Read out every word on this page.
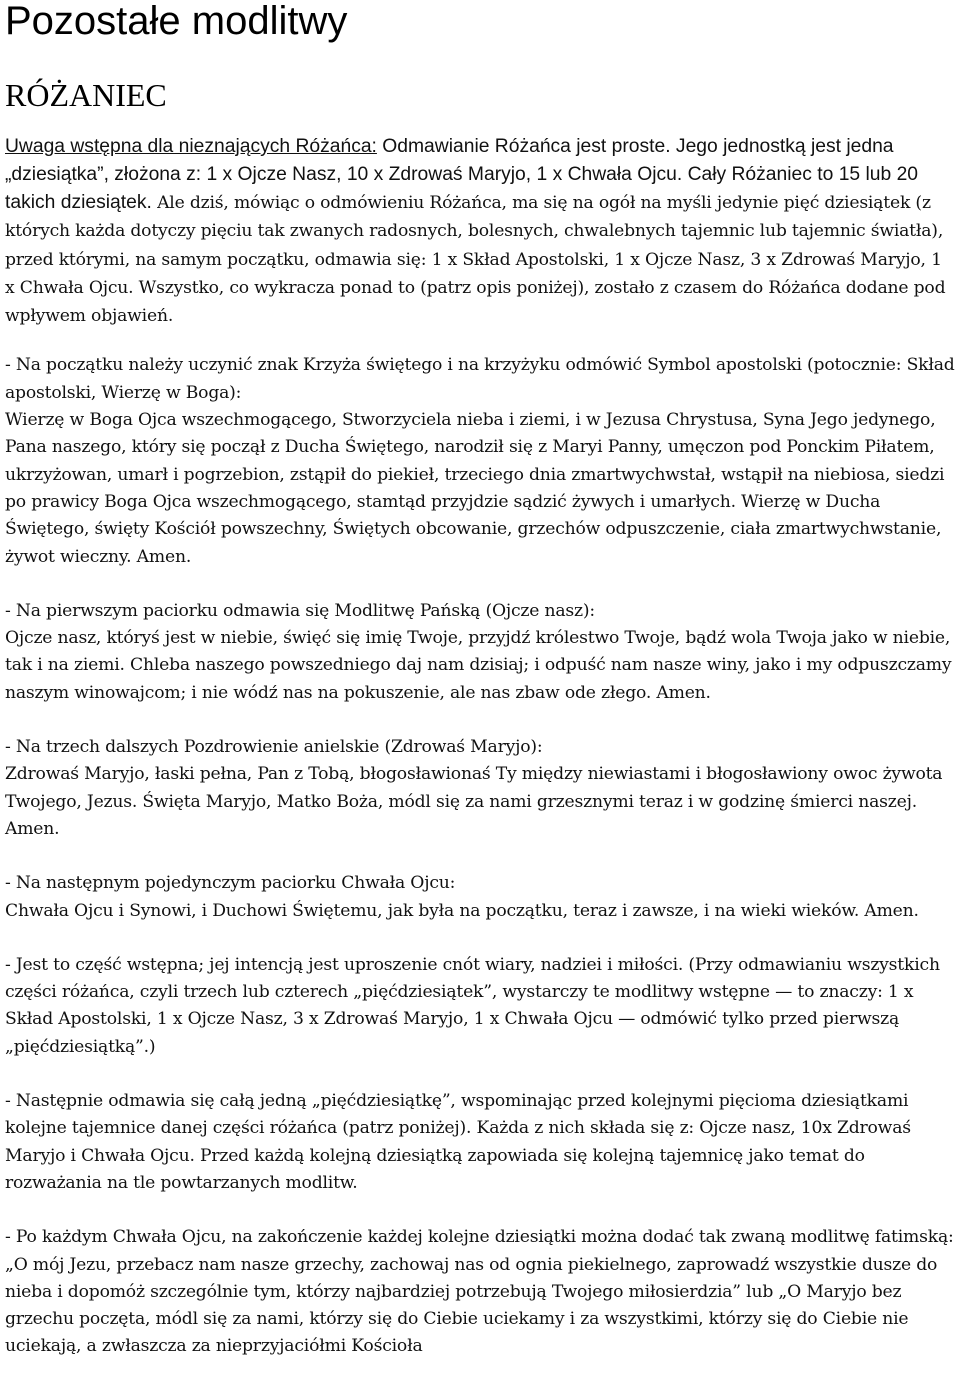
Pozostałe modlitwy
RÓŻANIEC
Uwaga wstępna dla nieznających Różańca: Odmawianie Różańca jest proste. Jego jednostką jest jedna „dziesiątka”, złożona z: 1 x Ojcze Nasz, 10 x Zdrowaś Maryjo, 1 x Chwała Ojcu. Cały Różaniec to 15 lub 20 takich dziesiątek. Ale dziś, mówiąc o odmówieniu Różańca, ma się na ogół na myśli jedynie pięć dziesiątek (z których każda dotyczy pięciu tak zwanych radosnych, bolesnych, chwalebnych tajemnic lub tajemnic światła), przed którymi, na samym początku, odmawia się: 1 x Skład Apostolski, 1 x Ojcze Nasz, 3 x Zdrowaś Maryjo, 1 x Chwała Ojcu. Wszystko, co wykracza ponad to (patrz opis poniżej), zostało z czasem do Różańca dodane pod wpływem objawień.

- Na początku należy uczynić znak Krzyża świętego i na krzyżyku odmówić Symbol apostolski (potocznie: Skład apostolski, Wierzę w Boga):
Wierzę w Boga Ojca wszechmogącego, Stworzyciela nieba i ziemi, i w Jezusa Chrystusa, Syna Jego jedynego, Pana naszego, który się począł z Ducha Świętego, narodził się z Maryi Panny, umęczon pod Ponckim Piłatem, ukrzyżowan, umarł i pogrzebion, zstąpił do piekieł, trzeciego dnia zmartwychwstał, wstąpił na niebiosa, siedzi po prawicy Boga Ojca wszechmogącego, stamtąd przyjdzie sądzić żywych i umarłych. Wierzę w Ducha Świętego, święty Kościół powszechny, Świętych obcowanie, grzechów odpuszczenie, ciała zmartwychwstanie, żywot wieczny. Amen.

- Na pierwszym paciorku odmawia się Modlitwę Pańską (Ojcze nasz):
Ojcze nasz, któryś jest w niebie, święć się imię Twoje, przyjdź królestwo Twoje, bądź wola Twoja jako w niebie, tak i na ziemi. Chleba naszego powszedniego daj nam dzisiaj; i odpuść nam nasze winy, jako i my odpuszczamy naszym winowajcom; i nie wódź nas na pokuszenie, ale nas zbaw ode złego. Amen.

- Na trzech dalszych Pozdrowienie anielskie (Zdrowaś Maryjo):
Zdrowaś Maryjo, łaski pełna, Pan z Tobą, błogosławionaś Ty między niewiastami i błogosławiony owoc żywota Twojego, Jezus. Święta Maryjo, Matko Boża, módl się za nami grzesznymi teraz i w godzinę śmierci naszej. Amen.

- Na następnym pojedynczym paciorku Chwała Ojcu:
Chwała Ojcu i Synowi, i Duchowi Świętemu, jak była na początku, teraz i zawsze, i na wieki wieków. Amen.

- Jest to część wstępna; jej intencją jest uproszenie cnót wiary, nadziei i miłości. (Przy odmawianiu wszystkich części różańca, czyli trzech lub czterech „pięćdziesiątek”, wystarczy te modlitwy wstępne — to znaczy: 1 x Skład Apostolski, 1 x Ojcze Nasz, 3 x Zdrowaś Maryjo, 1 x Chwała Ojcu — odmówić tylko przed pierwszą „pięćdziesiątką”.)

- Następnie odmawia się całą jedną „pięćdziesiątkę”, wspominając przed kolejnymi pięcioma dziesiątkami kolejne tajemnice danej części różańca (patrz poniżej). Każda z nich składa się z: Ojcze nasz, 10x Zdrowaś Maryjo i Chwała Ojcu. Przed każdą kolejną dziesiątką zapowiada się kolejną tajemnicę jako temat do rozważania na tle powtarzanych modlitw.

- Po każdym Chwała Ojcu, na zakończenie każdej kolejne dziesiątki można dodać tak zwaną modlitwę fatimską: „O mój Jezu, przebacz nam nasze grzechy, zachowaj nas od ognia piekielnego, zaprowadź wszystkie dusze do nieba i dopomóż szczególnie tym, którzy najbardziej potrzebują Twojego miłosierdzia” lub „O Maryjo bez grzechu poczęta, módl się za nami, którzy się do Ciebie uciekamy i za wszystkimi, którzy się do Ciebie nie uciekają, a zwłaszcza za nieprzyjaciółmi Kościoła
